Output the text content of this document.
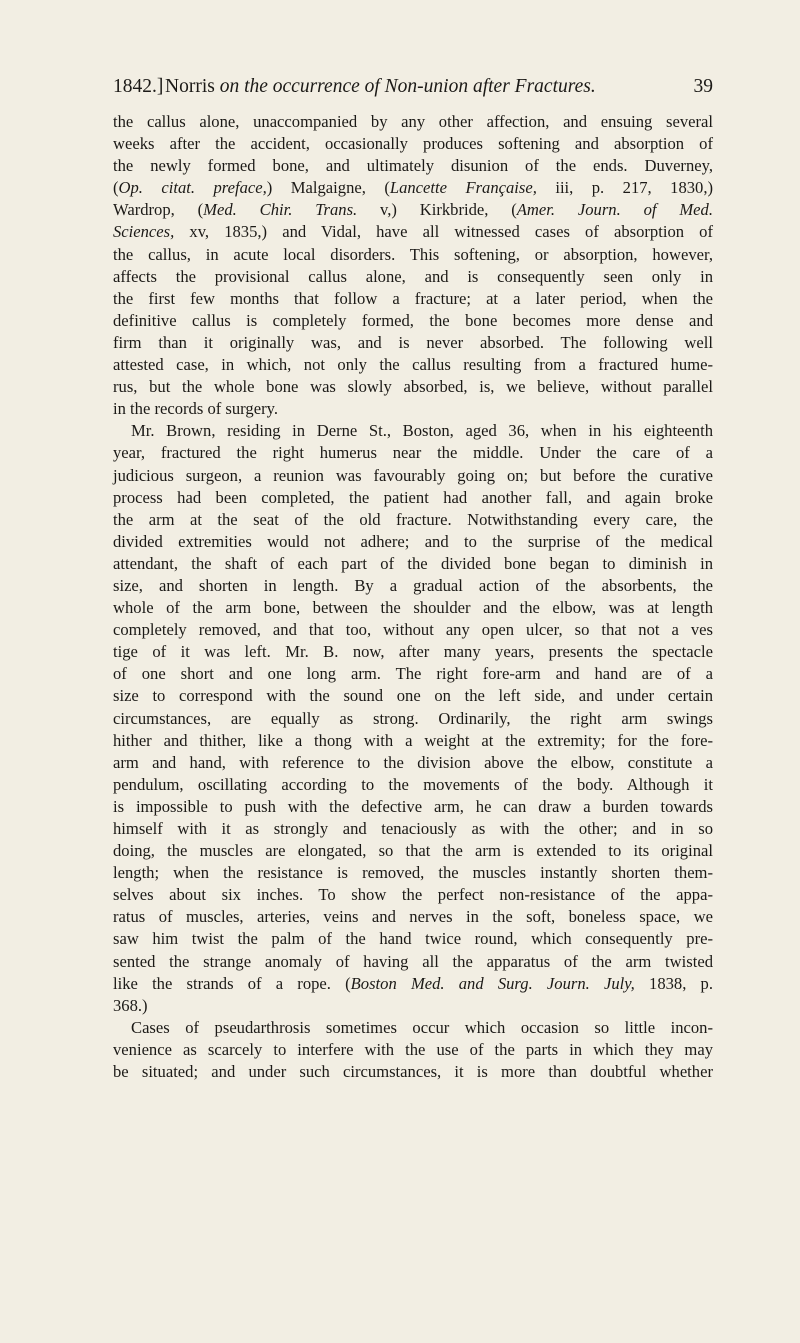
1842.] Norris on the occurrence of Non-union after Fractures.	39
the callus alone, unaccompanied by any other affection, and ensuing several
weeks after the accident, occasionally produces softening and absorption of
the newly formed bone, and ultimately disunion of the ends. Duverney,
(Op. citat. preface,) Malgaigne, (Lancette Française, iii, p. 217, 1830,)
Wardrop, (Med. Chir. Trans. v,) Kirkbride, (Amer. Journ. of Med.
Sciences, xv, 1835,) and Vidal, have all witnessed cases of absorption of
the callus, in acute local disorders. This softening, or absorption, however,
affects the provisional callus alone, and is consequently seen only in
the first few months that follow a fracture; at a later period, when the
definitive callus is completely formed, the bone becomes more dense and
firm than it originally was, and is never absorbed. The following well
attested case, in which, not only the callus resulting from a fractured hume-
rus, but the whole bone was slowly absorbed, is, we believe, without parallel
in the records of surgery.
Mr. Brown, residing in Derne St., Boston, aged 36, when in his eighteenth
year, fractured the right humerus near the middle. Under the care of a
judicious surgeon, a reunion was favourably going on; but before the curative
process had been completed, the patient had another fall, and again broke
the arm at the seat of the old fracture. Notwithstanding every care, the
divided extremities would not adhere; and to the surprise of the medical
attendant, the shaft of each part of the divided bone began to diminish in
size, and shorten in length. By a gradual action of the absorbents, the
whole of the arm bone, between the shoulder and the elbow, was at length
completely removed, and that too, without any open ulcer, so that not a ves
tige of it was left. Mr. B. now, after many years, presents the spectacle
of one short and one long arm. The right fore-arm and hand are of a
size to correspond with the sound one on the left side, and under certain
circumstances, are equally as strong. Ordinarily, the right arm swings
hither and thither, like a thong with a weight at the extremity; for the fore-
arm and hand, with reference to the division above the elbow, constitute a
pendulum, oscillating according to the movements of the body. Although it
is impossible to push with the defective arm, he can draw a burden towards
himself with it as strongly and tenaciously as with the other; and in so
doing, the muscles are elongated, so that the arm is extended to its original
length; when the resistance is removed, the muscles instantly shorten them-
selves about six inches. To show the perfect non-resistance of the appa-
ratus of muscles, arteries, veins and nerves in the soft, boneless space, we
saw him twist the palm of the hand twice round, which consequently pre-
sented the strange anomaly of having all the apparatus of the arm twisted
like the strands of a rope. (Boston Med. and Surg. Journ. July, 1838, p.
368.)
Cases of pseudarthrosis sometimes occur which occasion so little incon-
venience as scarcely to interfere with the use of the parts in which they may
be situated; and under such circumstances, it is more than doubtful whether
